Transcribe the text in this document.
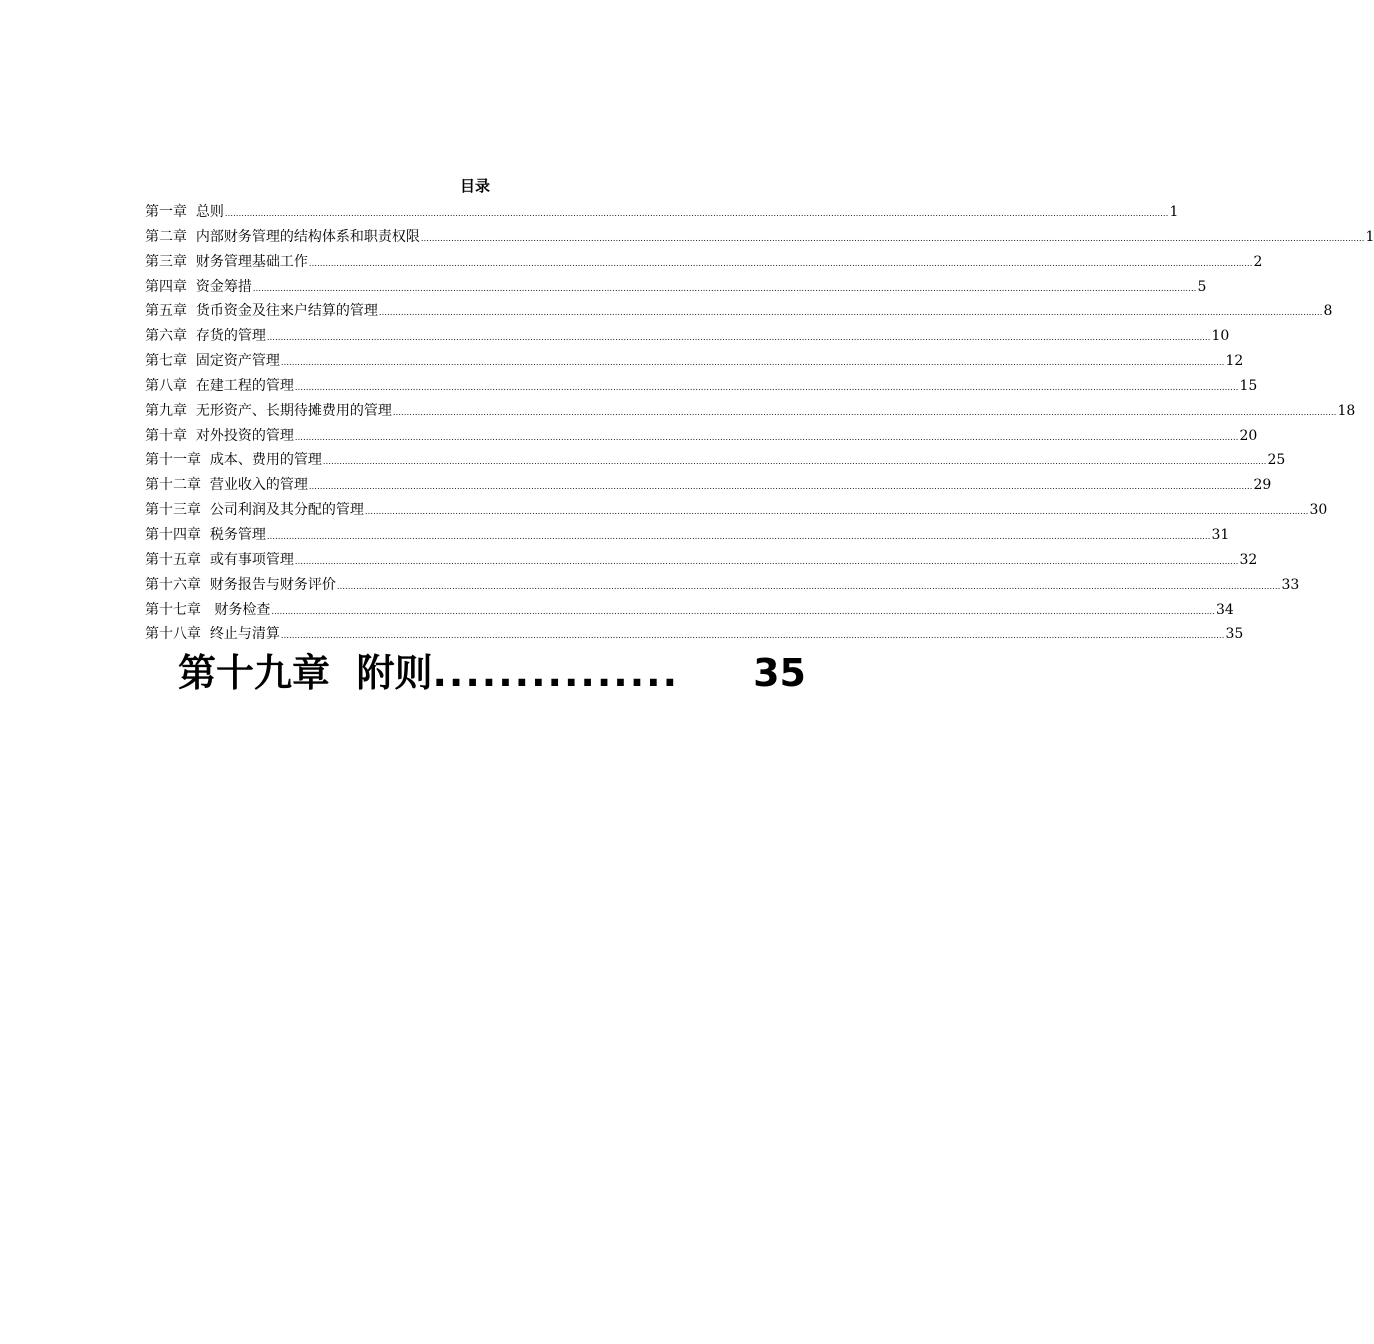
目录
第一章 总则 ........................................................................................................................................................................................................................................................................................................................................................ 1
第二章 内部财务管理的结构体系和职责权限 ........................................................................................................................................................................................................................................................................................................................................................ 1
第三章 财务管理基础工作 ........................................................................................................................................................................................................................................................................................................................................................ 2
第四章 资金筹措 ........................................................................................................................................................................................................................................................................................................................................................ 5
第五章 货币资金及往来户结算的管理 ........................................................................................................................................................................................................................................................................................................................................................ 8
第六章 存货的管理 ........................................................................................................................................................................................................................................................................................................................................................ 10
第七章 固定资产管理 ........................................................................................................................................................................................................................................................................................................................................................ 12
第八章 在建工程的管理 ........................................................................................................................................................................................................................................................................................................................................................ 15
第九章 无形资产、长期待摊费用的管理 ........................................................................................................................................................................................................................................................................................................................................................ 18
第十章 对外投资的管理 ........................................................................................................................................................................................................................................................................................................................................................ 20
第十一章 成本、费用的管理 ........................................................................................................................................................................................................................................................................................................................................................ 25
第十二章 营业收入的管理 ........................................................................................................................................................................................................................................................................................................................................................ 29
第十三章 公司利润及其分配的管理 ........................................................................................................................................................................................................................................................................................................................................................ 30
第十四章 税务管理 ........................................................................................................................................................................................................................................................................................................................................................ 31
第十五章 或有事项管理 ........................................................................................................................................................................................................................................................................................................................................................ 32
第十六章 财务报告与财务评价 ........................................................................................................................................................................................................................................................................................................................................................ 33
第十七章   财务检查 ........................................................................................................................................................................................................................................................................................................................................................ 34
第十八章 终止与清算 ........................................................................................................................................................................................................................................................................................................................................................ 35
第十九章 附则 ...............	35
